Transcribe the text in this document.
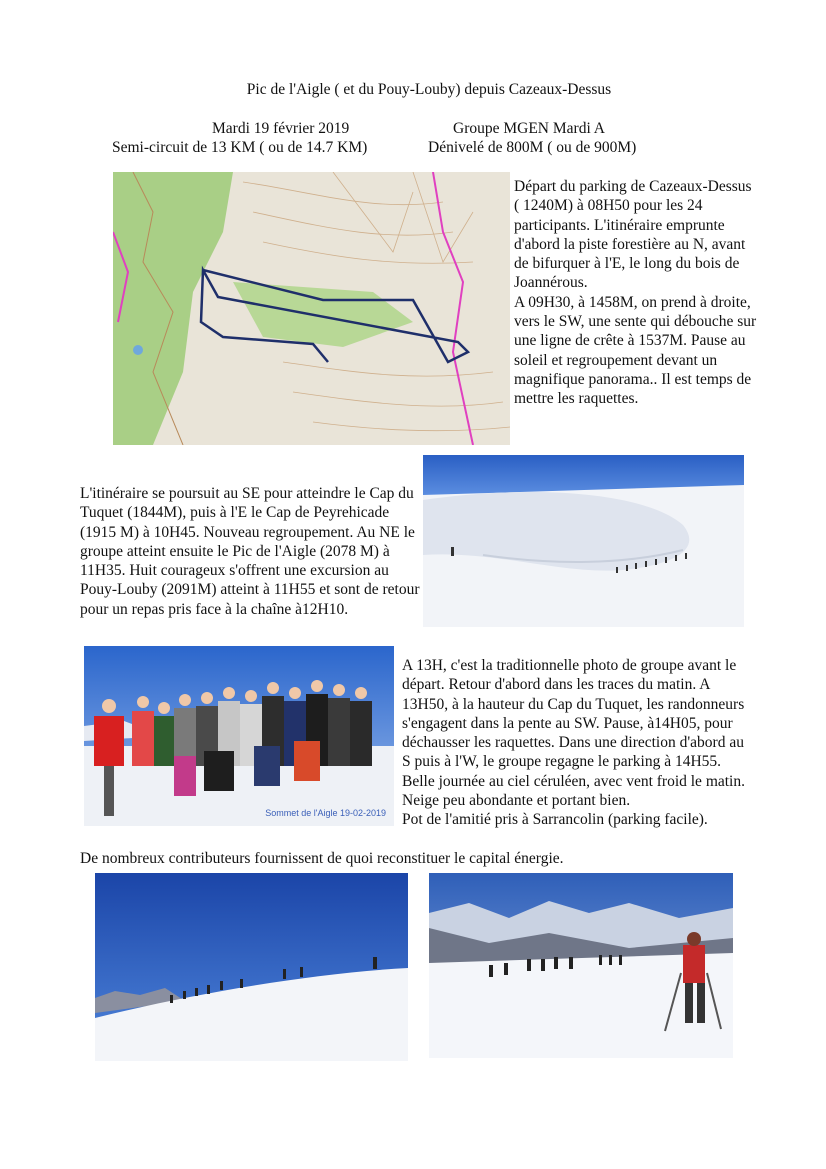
Pic de l'Aigle ( et du Pouy-Louby) depuis Cazeaux-Dessus
Mardi 19 février 2019	Groupe MGEN Mardi A
Semi-circuit de 13 KM ( ou de 14.7 KM)	Dénivelé de 800M ( ou de 900M)

Départ du parking de Cazeaux-Dessus ( 1240M) à 08H50 pour les 24 participants. L'itinéraire emprunte d'abord la piste forestière au N, avant de bifurquer à l'E, le long du bois de Joannérous.

A 09H30, à 1458M, on prend à droite, vers le SW, une sente qui débouche sur une ligne de crête à 1537M. Pause au soleil et regroupement devant un magnifique panorama.. Il est temps de mettre les raquettes.

L'itinéraire se poursuit au SE pour atteindre le Cap du Tuquet (1844M), puis à l'E le Cap de Peyrehicade (1915 M) à 10H45. Nouveau regroupement. Au NE le groupe atteint ensuite le Pic de l'Aigle (2078 M) à 11H35. Huit courageux s'offrent une excursion au Pouy-Louby (2091M) atteint à 11H55 et sont de retour pour un repas pris face à la chaîne à12H10.

Sommet de l'Aigle 19-02-2019

A 13H, c'est la traditionnelle photo de groupe avant le départ. Retour d'abord dans les traces du matin. A 13H50, à la hauteur du Cap du Tuquet, les randonneurs s'engagent dans la pente au SW. Pause, à14H05, pour déchausser les raquettes. Dans une direction d'abord au S puis à l'W, le groupe regagne le parking à 14H55.

Belle journée au ciel céruléen, avec vent froid le matin. Neige peu abondante et portant bien.

Pot de l'amitié pris à Sarrancolin (parking facile).

De nombreux contributeurs fournissent de quoi reconstituer le capital énergie.
